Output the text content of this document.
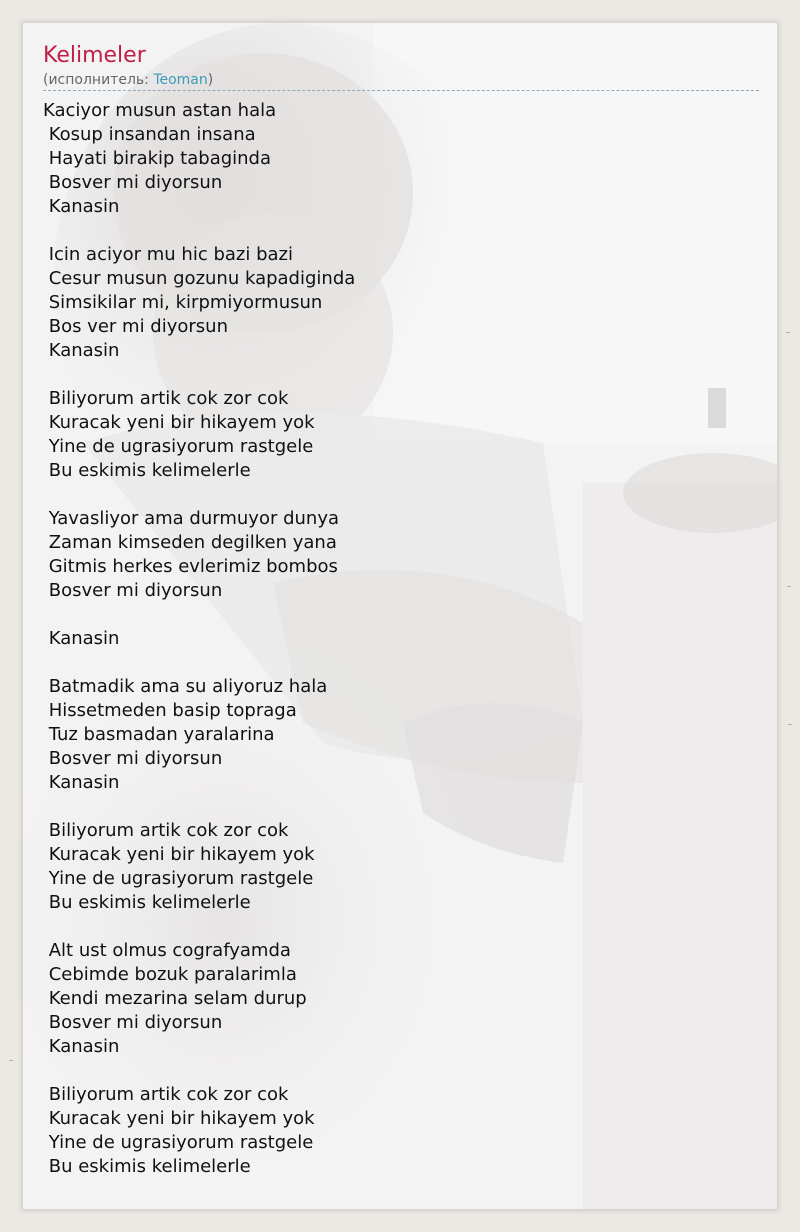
Kelimeler
(исполнитель: Teoman)
Kaciyor musun astan hala
Kosup insandan insana
Hayati birakip tabaginda
Bosver mi diyorsun
Kanasin
Icin aciyor mu hic bazi bazi
Cesur musun gozunu kapadiginda
Simsikilar mi, kirpmiyormusun
Bos ver mi diyorsun
Kanasin
Biliyorum artik cok zor cok
Kuracak yeni bir hikayem yok
Yine de ugrasiyorum rastgele
Bu eskimis kelimelerle
Yavasliyor ama durmuyor dunya
Zaman kimseden degilken yana
Gitmis herkes evlerimiz bombos
Bosver mi diyorsun
Kanasin
Batmadik ama su aliyoruz hala
Hissetmeden basip topraga
Tuz basmadan yaralarina
Bosver mi diyorsun
Kanasin
Biliyorum artik cok zor cok
Kuracak yeni bir hikayem yok
Yine de ugrasiyorum rastgele
Bu eskimis kelimelerle
Alt ust olmus cografyamda
Cebimde bozuk paralarimla
Kendi mezarina selam durup
Bosver mi diyorsun
Kanasin
Biliyorum artik cok zor cok
Kuracak yeni bir hikayem yok
Yine de ugrasiyorum rastgele
Bu eskimis kelimelerle
